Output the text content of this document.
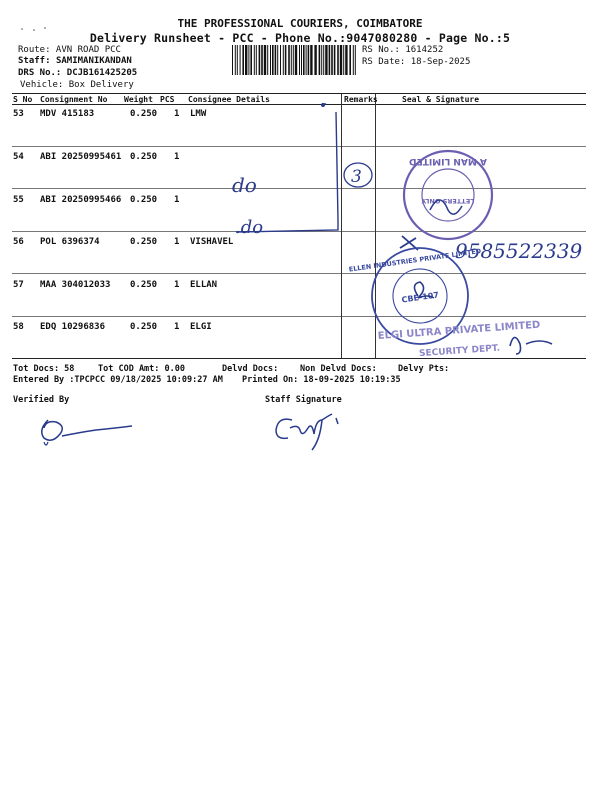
THE PROFESSIONAL COURIERS, COIMBATORE
Delivery Runsheet - PCC - Phone No.:9047080280 - Page No.:5
Route: AVN ROAD PCC
Staff: SAMIMANIKANDAN
DRS No.: DCJB161425205
Vehicle: Box Delivery
RS No.: 1614252
RS Date: 18-Sep-2025
S No Consignment No Weight PCS Consignee Details	Remarks	Seal & Signature
53 MDV 415183	0.250 1 LMW
54 ABI 20250995461 0.250 1
55 ABI 20250995466 0.250 1
56 POL 6396374	0.250 1 VISHAVEL
57 MAA 304012033 0.250 1 ELLAN
58 EDQ 10296836	0.250 1 ELGI
Tot Docs: 58	Tot COD Amt: 0.00	Delvd Docs:	Non Delvd Docs: Delvy Pts:
Entered By :TPCPCC 09/18/2025 10:09:27 AM Printed On: 18-09-2025 10:19:35
Verified By	Staff Signature
do
.do
3
LETTERS ONLY
A MAN LIMITED
9585522339
ELLEN INDUSTRIES PRIVATE LIMITED
CBE-107
ELGI ULTRA PRIVATE LIMITED
SECURITY DEPT.
